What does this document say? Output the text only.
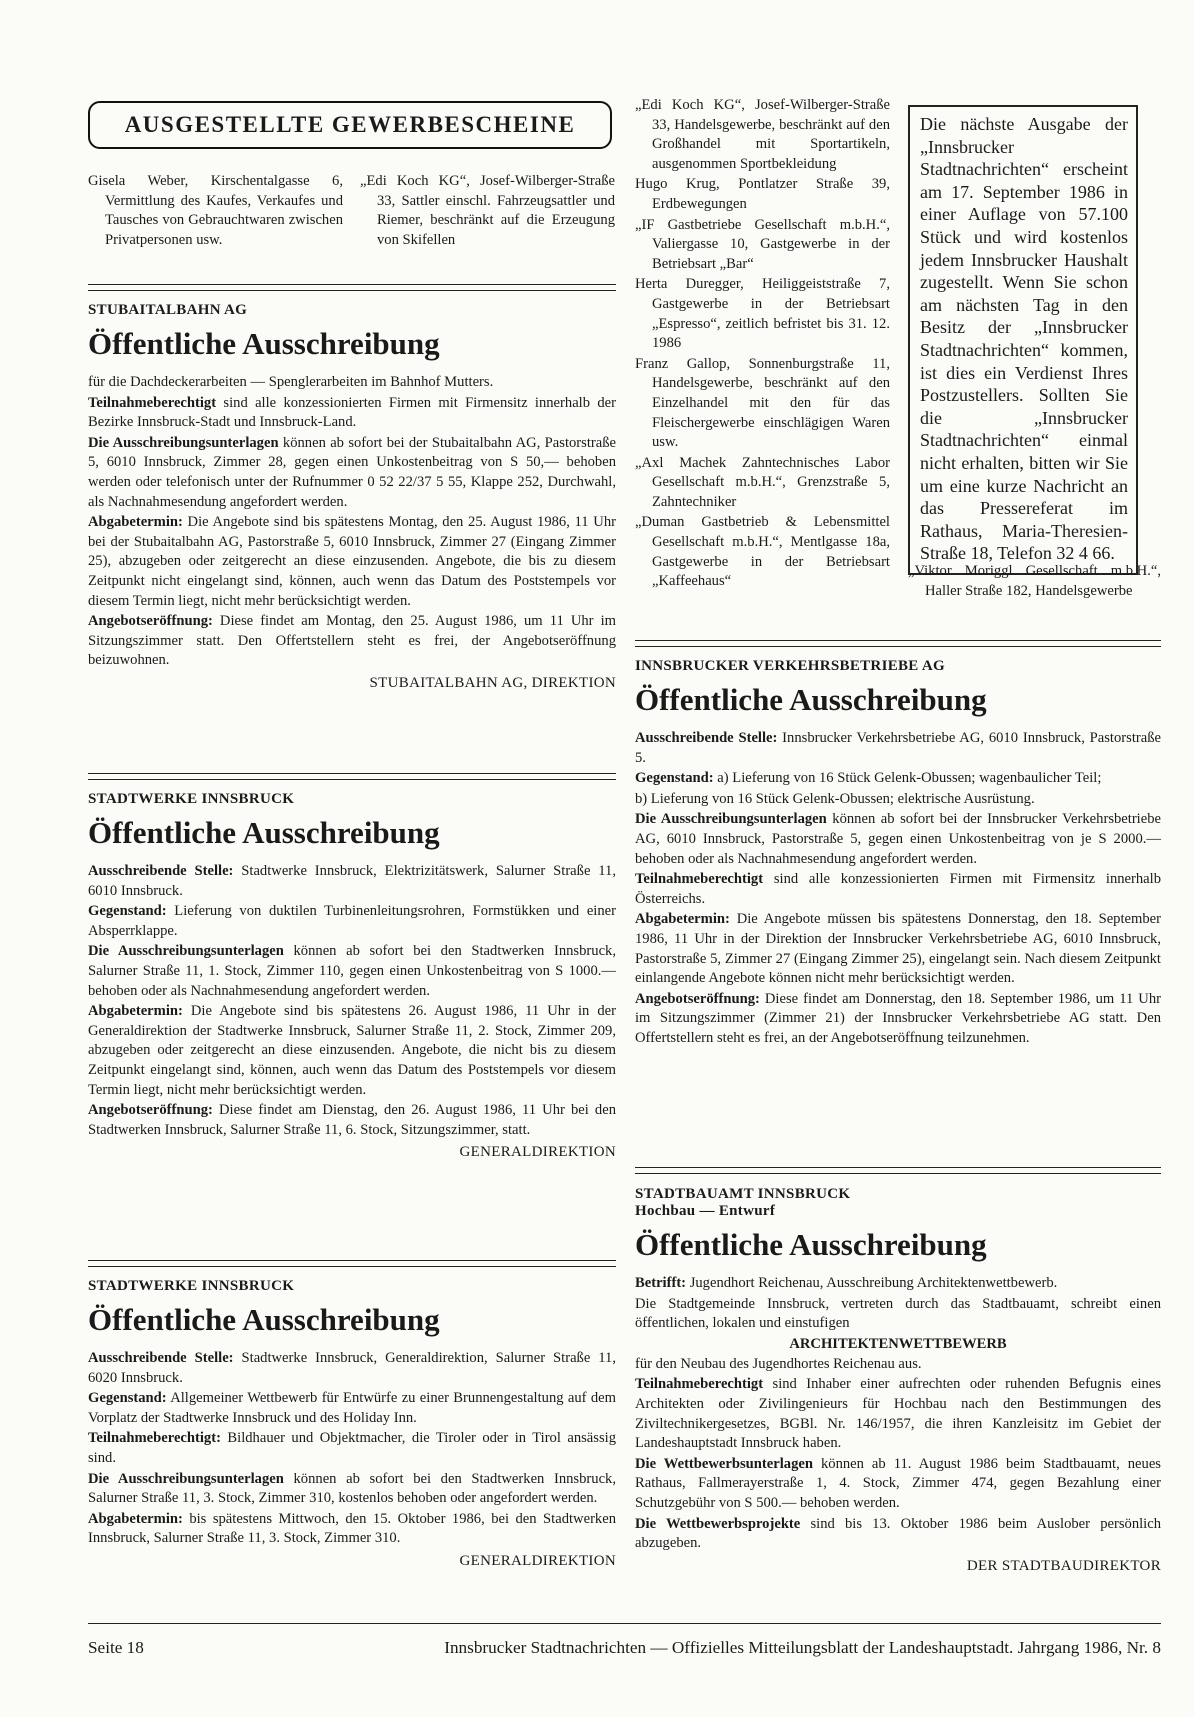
AUSGESTELLTE GEWERBESCHEINE

Gisela Weber, Kirschentalgasse 6, Vermittlung des Kaufes, Verkaufes und Tausches von Gebrauchtwaren zwischen Privatpersonen usw.

„Edi Koch KG“, Josef-Wilberger-Straße 33, Sattler einschl. Fahrzeugsattler und Riemer, beschränkt auf die Erzeugung von Skifellen

„Edi Koch KG“, Josef-Wilberger-Straße 33, Handelsgewerbe, beschränkt auf den Großhandel mit Sportartikeln, ausgenommen Sportbekleidung

Hugo Krug, Pontlatzer Straße 39, Erdbewegungen

„IF Gastbetriebe Gesellschaft m.b.H.“, Valiergasse 10, Gastgewerbe in der Betriebsart „Bar“

Herta Duregger, Heiliggeiststraße 7, Gastgewerbe in der Betriebsart „Espresso“, zeitlich befristet bis 31. 12. 1986

Franz Gallop, Sonnenburgstraße 11, Handelsgewerbe, beschränkt auf den Einzelhandel mit den für das Fleischergewerbe einschlägigen Waren usw.

„Axl Machek Zahntechnisches Labor Gesellschaft m.b.H.“, Grenzstraße 5, Zahntechniker

„Duman Gastbetrieb & Lebensmittel Gesellschaft m.b.H.“, Mentlgasse 18a, Gastgewerbe in der Betriebsart „Kaffeehaus“

Die nächste Ausgabe der „Innsbrucker Stadtnachrichten“ erscheint am 17. September 1986 in einer Auflage von 57.100 Stück und wird kostenlos jedem Innsbrucker Haushalt zugestellt. Wenn Sie schon am nächsten Tag in den Besitz der „Innsbrucker Stadtnachrichten“ kommen, ist dies ein Verdienst Ihres Postzustellers. Sollten Sie die „Innsbrucker Stadtnachrichten“ einmal nicht erhalten, bitten wir Sie um eine kurze Nachricht an das Pressereferat im Rathaus, Maria-Theresien-Straße 18, Telefon 32 4 66.

„Viktor Moriggl Gesellschaft m.b.H.“, Haller Straße 182, Handelsgewerbe

STUBAITALBAHN AG

Öffentliche Ausschreibung

für die Dachdeckerarbeiten — Spenglerarbeiten im Bahnhof Mutters.

Teilnahmeberechtigt sind alle konzessionierten Firmen mit Firmensitz innerhalb der Bezirke Innsbruck-Stadt und Innsbruck-Land.

Die Ausschreibungsunterlagen können ab sofort bei der Stubaitalbahn AG, Pastorstraße 5, 6010 Innsbruck, Zimmer 28, gegen einen Unkostenbeitrag von S 50,— behoben werden oder telefonisch unter der Rufnummer 0 52 22/37 5 55, Klappe 252, Durchwahl, als Nachnahmesendung angefordert werden.

Abgabetermin: Die Angebote sind bis spätestens Montag, den 25. August 1986, 11 Uhr bei der Stubaitalbahn AG, Pastorstraße 5, 6010 Innsbruck, Zimmer 27 (Eingang Zimmer 25), abzugeben oder zeitgerecht an diese einzusenden. Angebote, die bis zu diesem Zeitpunkt nicht eingelangt sind, können, auch wenn das Datum des Poststempels vor diesem Termin liegt, nicht mehr berücksichtigt werden.

Angebotseröffnung: Diese findet am Montag, den 25. August 1986, um 11 Uhr im Sitzungszimmer statt. Den Offertstellern steht es frei, der Angebotseröffnung beizuwohnen.

STUBAITALBAHN AG, DIREKTION

STADTWERKE INNSBRUCK

Öffentliche Ausschreibung

Ausschreibende Stelle: Stadtwerke Innsbruck, Elektrizitätswerk, Salurner Straße 11, 6010 Innsbruck.

Gegenstand: Lieferung von duktilen Turbinenleitungsrohren, Formstükken und einer Absperrklappe.

Die Ausschreibungsunterlagen können ab sofort bei den Stadtwerken Innsbruck, Salurner Straße 11, 1. Stock, Zimmer 110, gegen einen Unkostenbeitrag von S 1000.— behoben oder als Nachnahmesendung angefordert werden.

Abgabetermin: Die Angebote sind bis spätestens 26. August 1986, 11 Uhr in der Generaldirektion der Stadtwerke Innsbruck, Salurner Straße 11, 2. Stock, Zimmer 209, abzugeben oder zeitgerecht an diese einzusenden. Angebote, die nicht bis zu diesem Zeitpunkt eingelangt sind, können, auch wenn das Datum des Poststempels vor diesem Termin liegt, nicht mehr berücksichtigt werden.

Angebotseröffnung: Diese findet am Dienstag, den 26. August 1986, 11 Uhr bei den Stadtwerken Innsbruck, Salurner Straße 11, 6. Stock, Sitzungszimmer, statt.

GENERALDIREKTION

STADTWERKE INNSBRUCK

Öffentliche Ausschreibung

Ausschreibende Stelle: Stadtwerke Innsbruck, Generaldirektion, Salurner Straße 11, 6020 Innsbruck.

Gegenstand: Allgemeiner Wettbewerb für Entwürfe zu einer Brunnengestaltung auf dem Vorplatz der Stadtwerke Innsbruck und des Holiday Inn.

Teilnahmeberechtigt: Bildhauer und Objektmacher, die Tiroler oder in Tirol ansässig sind.

Die Ausschreibungsunterlagen können ab sofort bei den Stadtwerken Innsbruck, Salurner Straße 11, 3. Stock, Zimmer 310, kostenlos behoben oder angefordert werden.

Abgabetermin: bis spätestens Mittwoch, den 15. Oktober 1986, bei den Stadtwerken Innsbruck, Salurner Straße 11, 3. Stock, Zimmer 310.

GENERALDIREKTION

INNSBRUCKER VERKEHRSBETRIEBE AG

Öffentliche Ausschreibung

Ausschreibende Stelle: Innsbrucker Verkehrsbetriebe AG, 6010 Innsbruck, Pastorstraße 5.

Gegenstand: a) Lieferung von 16 Stück Gelenk-Obussen; wagenbaulicher Teil;

b) Lieferung von 16 Stück Gelenk-Obussen; elektrische Ausrüstung.

Die Ausschreibungsunterlagen können ab sofort bei der Innsbrucker Verkehrsbetriebe AG, 6010 Innsbruck, Pastorstraße 5, gegen einen Unkostenbeitrag von je S 2000.— behoben oder als Nachnahmesendung angefordert werden.

Teilnahmeberechtigt sind alle konzessionierten Firmen mit Firmensitz innerhalb Österreichs.

Abgabetermin: Die Angebote müssen bis spätestens Donnerstag, den 18. September 1986, 11 Uhr in der Direktion der Innsbrucker Verkehrsbetriebe AG, 6010 Innsbruck, Pastorstraße 5, Zimmer 27 (Eingang Zimmer 25), eingelangt sein. Nach diesem Zeitpunkt einlangende Angebote können nicht mehr berücksichtigt werden.

Angebotseröffnung: Diese findet am Donnerstag, den 18. September 1986, um 11 Uhr im Sitzungszimmer (Zimmer 21) der Innsbrucker Verkehrsbetriebe AG statt. Den Offertstellern steht es frei, an der Angebotseröffnung teilzunehmen.

STADTBAUAMT INNSBRUCK

Hochbau — Entwurf

Öffentliche Ausschreibung

Betrifft: Jugendhort Reichenau, Ausschreibung Architektenwettbewerb.

Die Stadtgemeinde Innsbruck, vertreten durch das Stadtbauamt, schreibt einen öffentlichen, lokalen und einstufigen

ARCHITEKTENWETTBEWERB

für den Neubau des Jugendhortes Reichenau aus.

Teilnahmeberechtigt sind Inhaber einer aufrechten oder ruhenden Befugnis eines Architekten oder Zivilingenieurs für Hochbau nach den Bestimmungen des Ziviltechnikergesetzes, BGBl. Nr. 146/1957, die ihren Kanzleisitz im Gebiet der Landeshauptstadt Innsbruck haben.

Die Wettbewerbsunterlagen können ab 11. August 1986 beim Stadtbauamt, neues Rathaus, Fallmerayerstraße 1, 4. Stock, Zimmer 474, gegen Bezahlung einer Schutzgebühr von S 500.— behoben werden.

Die Wettbewerbsprojekte sind bis 13. Oktober 1986 beim Auslober persönlich abzugeben.

DER STADTBAUDIREKTOR

Seite 18	Innsbrucker Stadtnachrichten — Offizielles Mitteilungsblatt der Landeshauptstadt. Jahrgang 1986, Nr. 8
